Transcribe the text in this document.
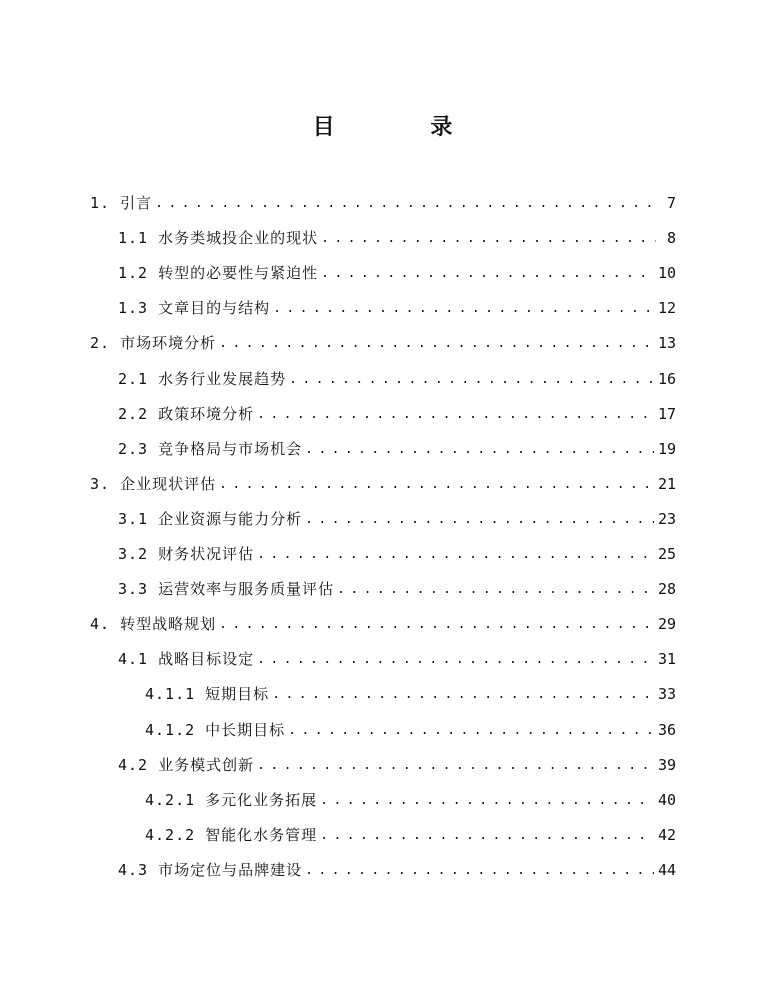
目 录
1. 引言 . . .	7
1.1 水务类城投企业的现状 . . .	8
1.2 转型的必要性与紧迫性 . . .	10
1.3 文章目的与结构 . . .	12
2. 市场环境分析 . . .	13
2.1 水务行业发展趋势 . . .	16
2.2 政策环境分析 . . .	17
2.3 竞争格局与市场机会 . . .	19
3. 企业现状评估 . . .	21
3.1 企业资源与能力分析 . . .	23
3.2 财务状况评估 . . .	25
3.3 运营效率与服务质量评估 . . .	28
4. 转型战略规划 . . .	29
4.1 战略目标设定 . . .	31
4.1.1 短期目标 . . .	33
4.1.2 中长期目标 . . .	36
4.2 业务模式创新 . . .	39
4.2.1 多元化业务拓展 . . .	40
4.2.2 智能化水务管理 . . .	42
4.3 市场定位与品牌建设 . . .	44
